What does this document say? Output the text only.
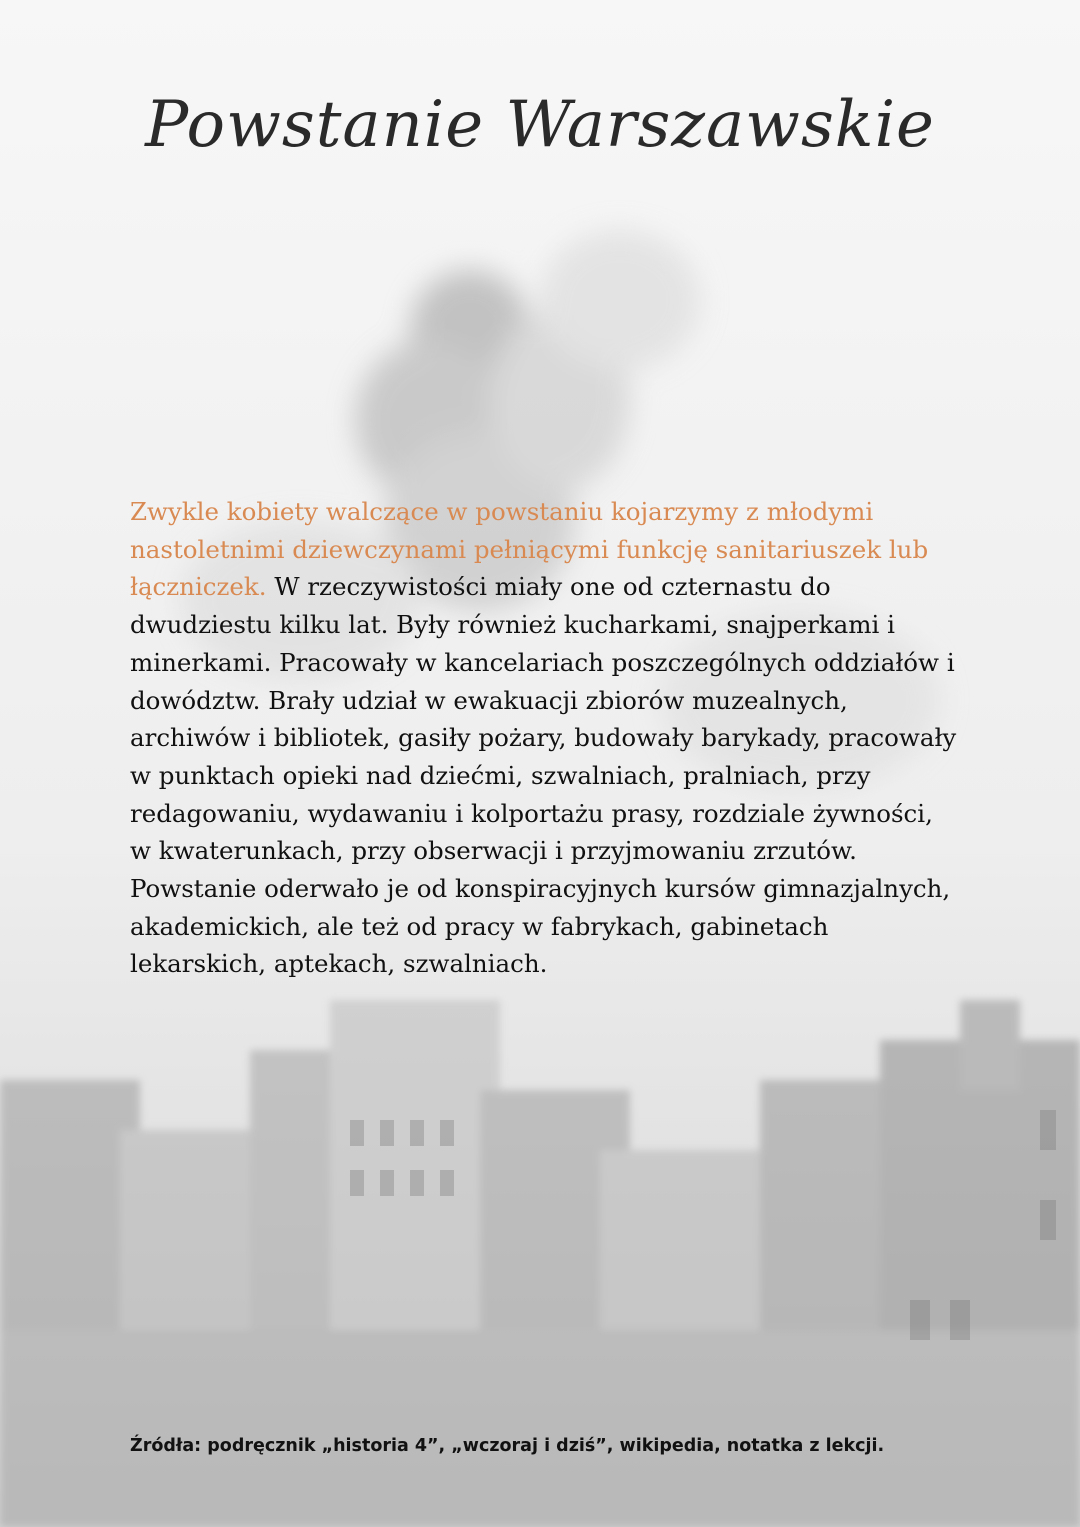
Powstanie Warszawskie
Zwykle kobiety walczące w powstaniu kojarzymy z młodymi nastoletnimi dziewczynami pełniącymi funkcję sanitariuszek lub łączniczek. W rzeczywistości miały one od czternastu do dwudziestu kilku lat. Były również kucharkami, snajperkami i minerkami. Pracowały w kancelariach poszczególnych oddziałów i dowództw. Brały udział w ewakuacji zbiorów muzealnych, archiwów i bibliotek, gasiły pożary, budowały barykady, pracowały w punktach opieki nad dziećmi, szwalniach, pralniach, przy redagowaniu, wydawaniu i kolportażu prasy, rozdziale żywności, w kwaterunkach, przy obserwacji i przyjmowaniu zrzutów. Powstanie oderwało je od konspiracyjnych kursów gimnazjalnych, akademickich, ale też od pracy w fabrykach, gabinetach lekarskich, aptekach, szwalniach.
Źródła: podręcznik „historia 4”, „wczoraj i dziś”, wikipedia, notatka z lekcji.
